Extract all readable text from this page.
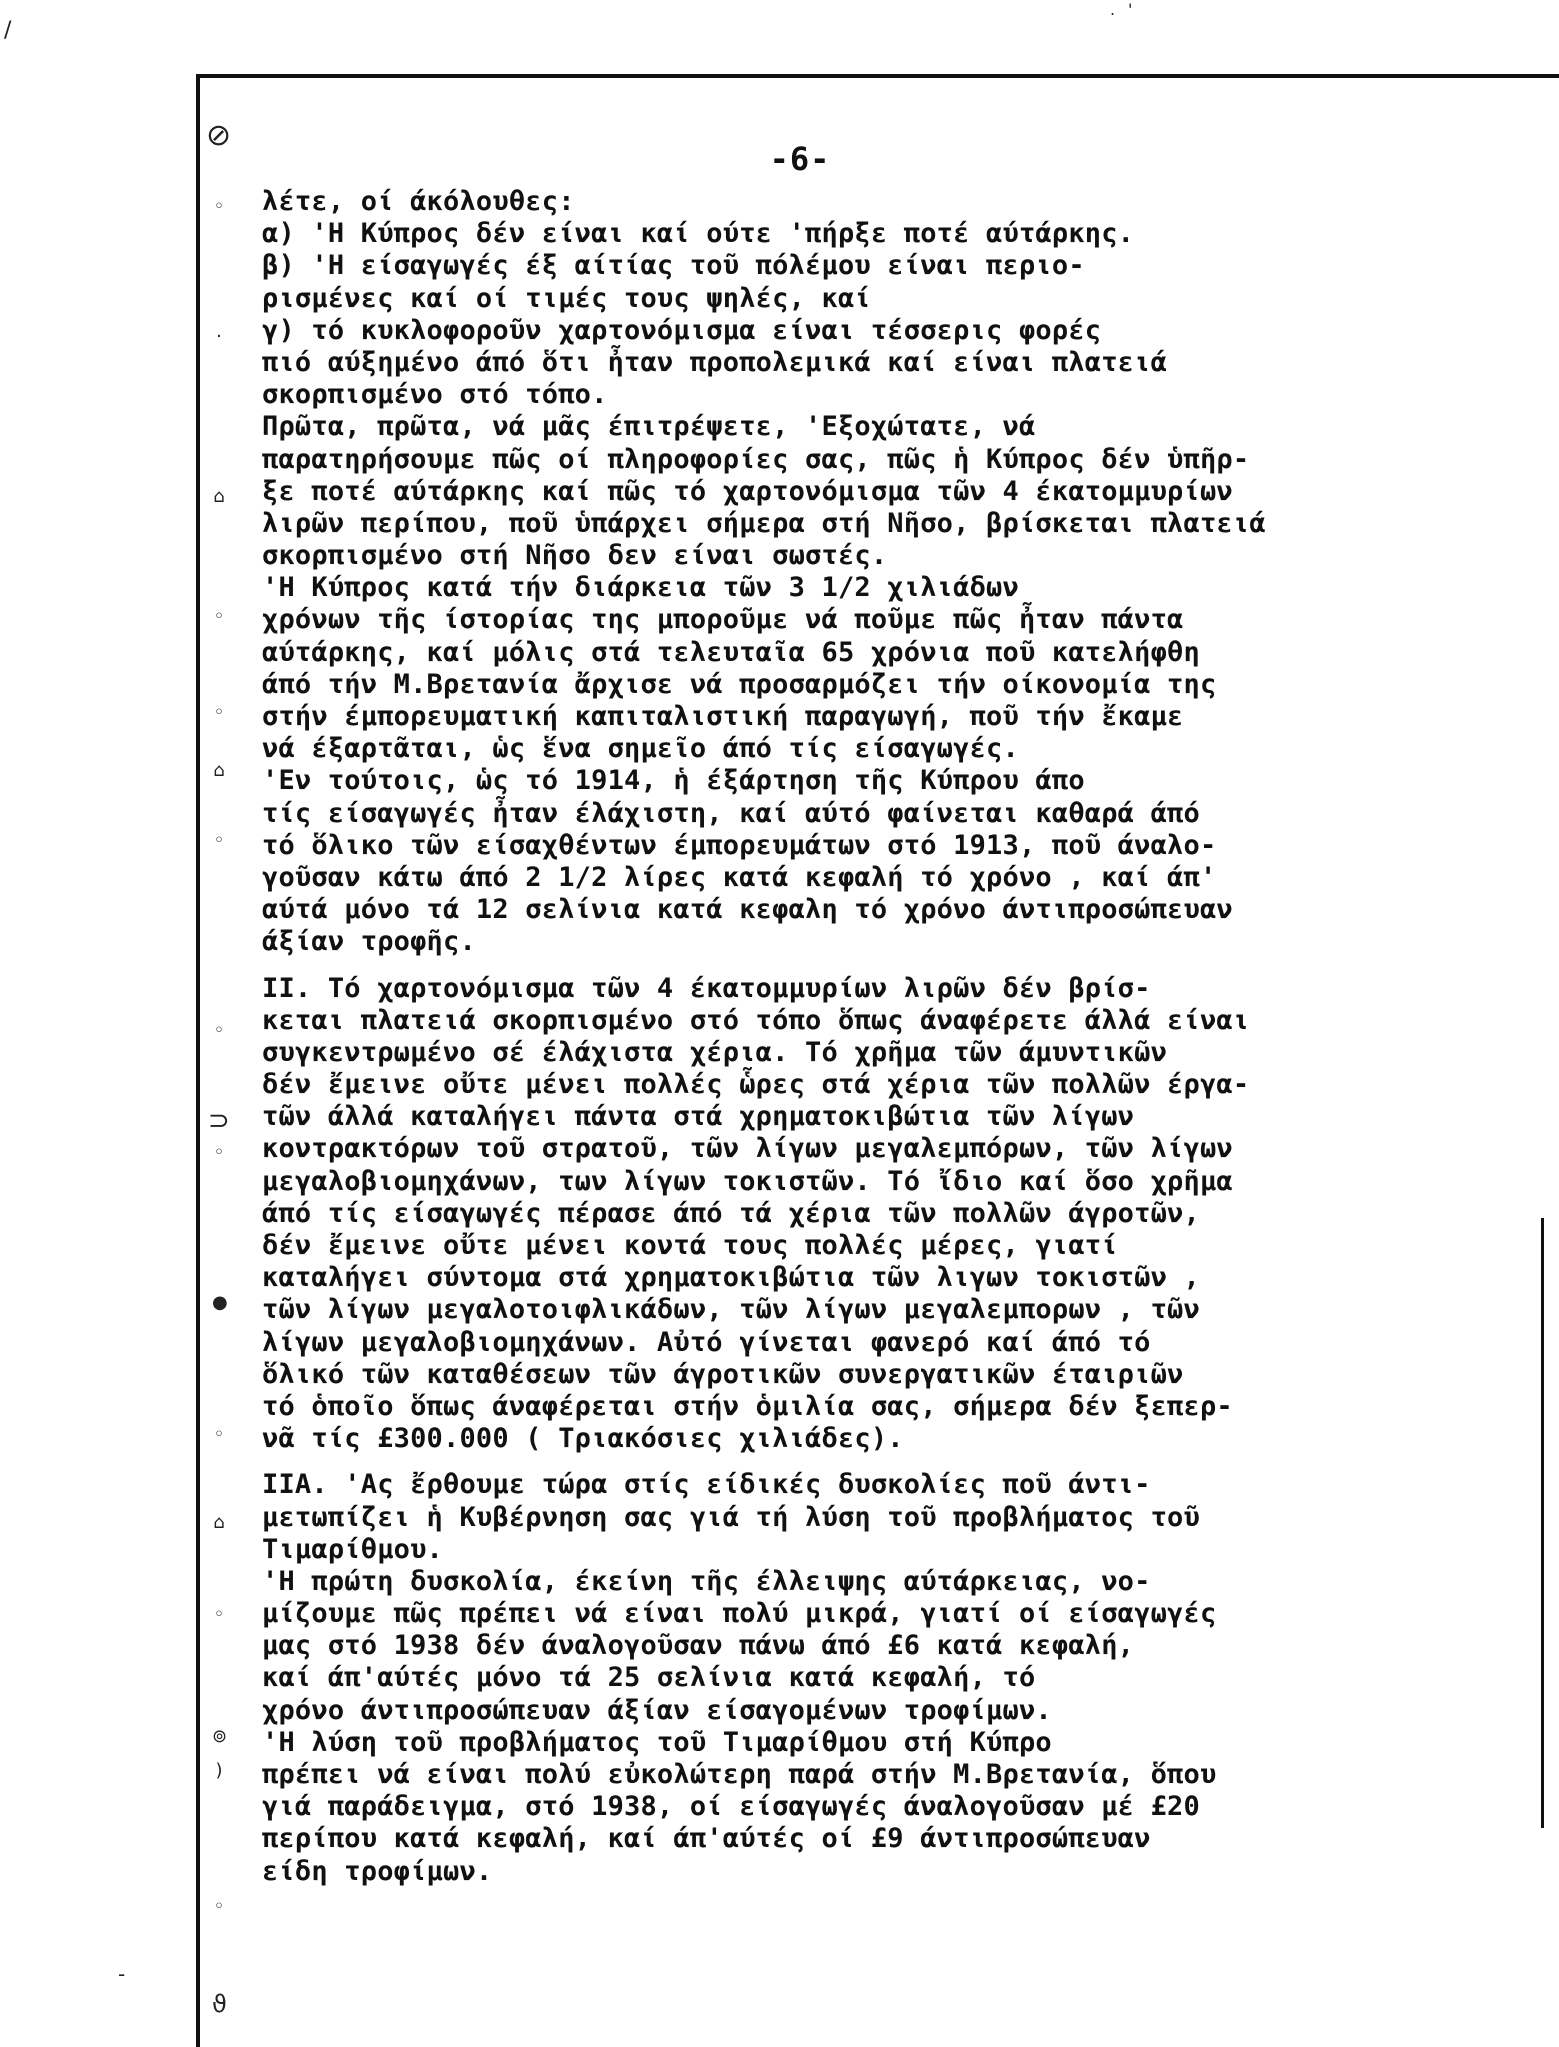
/
. '
-
⊘
◦
·
⌂
◦
◦
⌂
◦
◦
⊃
◦
●
◦
⌂
◦
⊚
)
◦
ϑ
-6-
λέτε, οί άκόλουθες:
α) 'Η Κύπρος δέν είναι καί ούτε 'πήρξε ποτέ αύτάρκης.
β) 'Η είσαγωγές έξ αίτίας τοῦ πόλέμου είναι περιο-
ρισμένες καί οί τιμές τους ψηλές, καί
γ) τό κυκλοφοροῦν χαρτονόμισμα είναι τέσσερις φορές
πιό αύξημένο άπό ὅτι ἦταν προπολεμικά καί είναι πλατειά
σκορπισμένο στό τόπο.
Πρῶτα, πρῶτα, νά μᾶς έπιτρέψετε, 'Εξοχώτατε, νά
παρατηρήσουμε πῶς οί πληροφορίες σας, πῶς ἡ Κύπρος δέν ὑπῆρ-
ξε ποτέ αύτάρκης καί πῶς τό χαρτονόμισμα τῶν 4 έκατομμυρίων
λιρῶν περίπου, ποῦ ὑπάρχει σήμερα στή Νῆσο, βρίσκεται πλατειά
σκορπισμένο στή Νῆσο δεν είναι σωστές.
'Η Κύπρος κατά τήν διάρκεια τῶν 3 1/2 χιλιάδων
χρόνων τῆς ίστορίας της μποροῦμε νά ποῦμε πῶς ἦταν πάντα
αύτάρκης, καί μόλις στά τελευταῖα 65 χρόνια ποῦ κατελήφθη
άπό τήν Μ.Βρετανία ἄρχισε νά προσαρμόζει τήν οίκονομία της
στήν έμπορευματική καπιταλιστική παραγωγή, ποῦ τήν ἔκαμε
νά έξαρτᾶται, ὡς ἕνα σημεῖο άπό τίς είσαγωγές.
'Εν τούτοις, ὡς τό 1914, ἡ έξάρτηση τῆς Κύπρου άπο
τίς είσαγωγές ἦταν έλάχιστη, καί αύτό φαίνεται καθαρά άπό
τό ὅλικο τῶν είσαχθέντων έμπορευμάτων στό 1913, ποῦ άναλο-
γοῦσαν κάτω άπό 2 1/2 λίρες κατά κεφαλή τό χρόνο , καί άπ'
αύτά μόνο τά 12 σελίνια κατά κεφαλη τό χρόνο άντιπροσώπευαν
άξίαν τροφῆς.
II. Τό χαρτονόμισμα τῶν 4 έκατομμυρίων λιρῶν δέν βρίσ-
κεται πλατειά σκορπισμένο στό τόπο ὅπως άναφέρετε άλλά είναι
συγκεντρωμένο σέ έλάχιστα χέρια. Τό χρῆμα τῶν άμυντικῶν
δέν ἔμεινε οὔτε μένει πολλές ὧρες στά χέρια τῶν πολλῶν έργα-
τῶν άλλά καταλήγει πάντα στά χρηματοκιβώτια τῶν λίγων
κοντρακτόρων τοῦ στρατοῦ, τῶν λίγων μεγαλεμπόρων, τῶν λίγων
μεγαλοβιομηχάνων, των λίγων τοκιστῶν. Τό ἴδιο καί ὅσο χρῆμα
άπό τίς είσαγωγές πέρασε άπό τά χέρια τῶν πολλῶν άγροτῶν,
δέν ἔμεινε οὔτε μένει κοντά τους πολλές μέρες, γιατί
καταλήγει σύντομα στά χρηματοκιβώτια τῶν λιγων τοκιστῶν ,
τῶν λίγων μεγαλοτοιφλικάδων, τῶν λίγων μεγαλεμπορων , τῶν
λίγων μεγαλοβιομηχάνων. Αὐτό γίνεται φανερό καί άπό τό
ὅλικό τῶν καταθέσεων τῶν άγροτικῶν συνεργατικῶν έταιριῶν
τό ὁποῖο ὅπως άναφέρεται στήν ὁμιλία σας, σήμερα δέν ξεπερ-
νᾶ τίς £300.000 ( Τριακόσιες χιλιάδες).
IIA. 'Ας ἔρθουμε τώρα στίς είδικές δυσκολίες ποῦ άντι-
μετωπίζει ἡ Κυβέρνηση σας γιά τή λύση τοῦ προβλήματος τοῦ
Τιμαρίθμου.
'Η πρώτη δυσκολία, έκείνη τῆς έλλειψης αύτάρκειας, νο-
μίζουμε πῶς πρέπει νά είναι πολύ μικρά, γιατί οί είσαγωγές
μας στό 1938 δέν άναλογοῦσαν πάνω άπό £6 κατά κεφαλή,
καί άπ'αύτές μόνο τά 25 σελίνια κατά κεφαλή, τό
χρόνο άντιπροσώπευαν άξίαν είσαγομένων τροφίμων.
'Η λύση τοῦ προβλήματος τοῦ Τιμαρίθμου στή Κύπρο
πρέπει νά είναι πολύ εὐκολώτερη παρά στήν Μ.Βρετανία, ὅπου
γιά παράδειγμα, στό 1938, οί είσαγωγές άναλογοῦσαν μέ £20
περίπου κατά κεφαλή, καί άπ'αύτές οί £9 άντιπροσώπευαν
είδη τροφίμων.
